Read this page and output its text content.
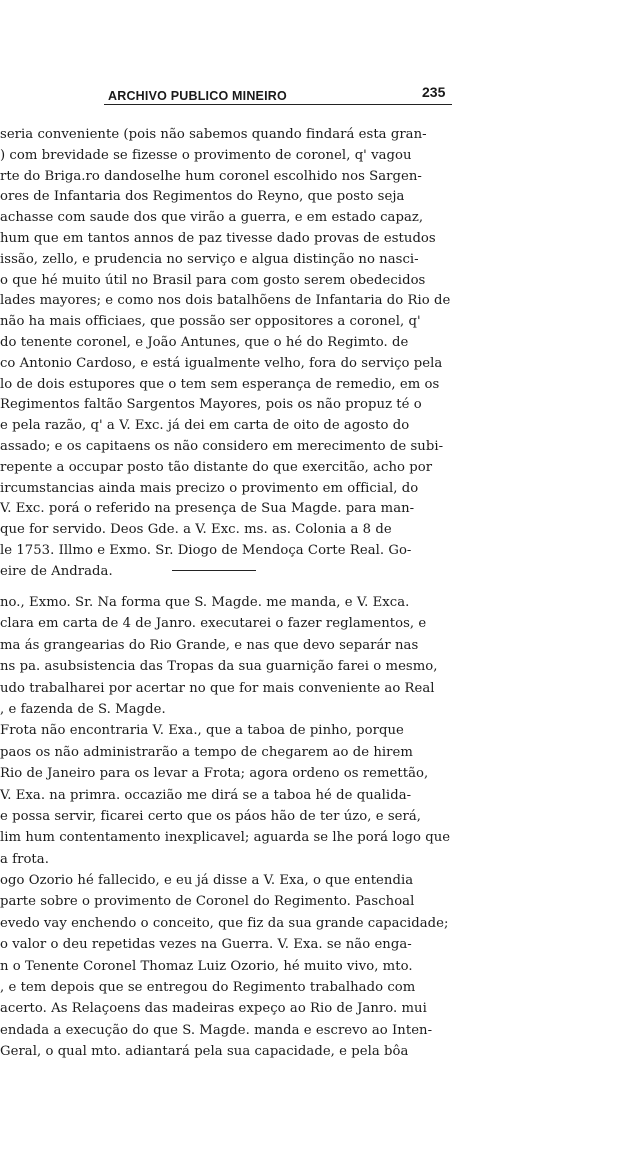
ARCHIVO PUBLICO MINEIRO	235
seria conveniente (pois não sabemos quando findará esta gran-
) com brevidade se fizesse o provimento de coronel, q' vagou
rte do Briga.ro dandoselhe hum coronel escolhido nos Sargen-
ores de Infantaria dos Regimentos do Reyno, que posto seja
achasse com saude dos que virão a guerra, e em estado capaz,
hum que em tantos annos de paz tivesse dado provas de estudos
issão, zello, e prudencia no serviço e algua distinção no nasci-
o que hé muito útil no Brasil para com gosto serem obedecidos
lades mayores; e como nos dois batalhõens de Infantaria do Rio de
não ha mais officiaes, que possão ser oppositores a coronel, q'
do tenente coronel, e João Antunes, que o hé do Regimto. de
co Antonio Cardoso, e está igualmente velho, fora do serviço pela
lo de dois estupores que o tem sem esperança de remedio, em os
Regimentos faltão Sargentos Mayores, pois os não propuz té o
e pela razão, q' a V. Exc. já dei em carta de oito de agosto do
assado; e os capitaens os não considero em merecimento de subi-
repente a occupar posto tão distante do que exercitão, acho por
ircumstancias ainda mais precizo o provimento em official, do
V. Exc. porá o referido na presença de Sua Magde. para man-
que for servido. Deos Gde. a V. Exc. ms. as. Colonia a 8 de
le 1753. Illmo e Exmo. Sr. Diogo de Mendoça Corte Real. Go-
eire de Andrada.
no., Exmo. Sr. Na forma que S. Magde. me manda, e V. Exca.
clara em carta de 4 de Janro. executarei o fazer reglamentos, e
ma ás grangearias do Rio Grande, e nas que devo separár nas
ns pa. asubsistencia das Tropas da sua guarnição farei o mesmo,
udo trabalharei por acertar no que for mais conveniente ao Real
, e fazenda de S. Magde.
Frota não encontraria V. Exa., que a taboa de pinho, porque
paos os não administrarão a tempo de chegarem ao de hirem
Rio de Janeiro para os levar a Frota; agora ordeno os remettão,
V. Exa. na primra. occazião me dirá se a taboa hé de qualida-
e possa servir, ficarei certo que os páos hão de ter úzo, e será,
lim hum contentamento inexplicavel; aguarda se lhe porá logo que
a frota.
ogo Ozorio hé fallecido, e eu já disse a V. Exa, o que entendia
parte sobre o provimento de Coronel do Regimento. Paschoal
evedo vay enchendo o conceito, que fiz da sua grande capacidade;
o valor o deu repetidas vezes na Guerra. V. Exa. se não enga-
n o Tenente Coronel Thomaz Luiz Ozorio, hé muito vivo, mto.
, e tem depois que se entregou do Regimento trabalhado com
acerto. As Relaçoens das madeiras expeço ao Rio de Janro. mui
endada a execução do que S. Magde. manda e escrevo ao Inten-
Geral, o qual mto. adiantará pela sua capacidade, e pela bôa
